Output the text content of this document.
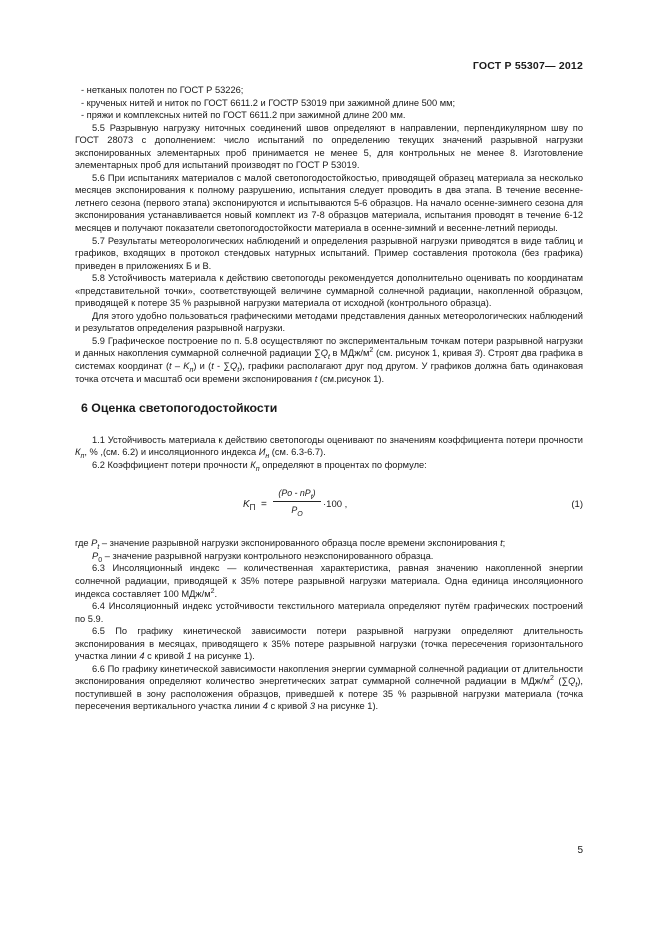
ГОСТ Р 55307— 2012

- нетканых полотен по ГОСТ Р 53226;

- крученых нитей и ниток по ГОСТ 6611.2 и ГОСТР 53019 при зажимной длине 500 мм;

- пряжи и комплексных нитей по ГОСТ 6611.2 при зажимной длине 200 мм.

5.5 Разрывную нагрузку ниточных соединений швов определяют в направлении, перпендикулярном шву по ГОСТ 28073 с дополнением: число испытаний по определению текущих значений разрывной нагрузки экспонированных элементарных проб принимается не менее 5, для контрольных не менее 8. Изготовление элементарных проб для испытаний производят по ГОСТ Р 53019.

5.6 При испытаниях материалов с малой светопогодостойкостью, приводящей образец материала за несколько месяцев экспонирования к полному разрушению, испытания следует проводить в два этапа. В течение весенне-летнего сезона (первого этапа) экспонируются и испытываются 5-6 образцов. На начало осенне-зимнего сезона для экспонирования устанавливается новый комплект из 7-8 образцов материала, испытания проводят в течение 6-12 месяцев и получают показатели светопогодостойкости материала в осенне-зимний и весенне-летний периоды.

5.7 Результаты метеорологических наблюдений и определения разрывной нагрузки приводятся в виде таблиц и графиков, входящих в протокол стендовых натурных испытаний. Пример составления протокола (без графика) приведен в приложениях Б и В.

5.8 Устойчивость материала к действию светопогоды рекомендуется дополнительно оценивать по координатам «представительной точки», соответствующей величине суммарной солнечной радиации, накопленной образцом, приводящей к потере 35 % разрывной нагрузки материала от исходной (контрольного образца).

Для этого удобно пользоваться графическими методами представления данных метеорологических наблюдений и результатов определения разрывной нагрузки.

5.9 Графическое построение по п. 5.8 осуществляют по экспериментальным точкам потери разрывной нагрузки и данных накопления суммарной солнечной радиации $\sum Q_t$ в МДж/$м^2$ (см. рисунок 1, кривая 3). Строят два графика в системах координат $(t - K_п)$ и $(t - \sum Q_t)$, графики располагают друг под другом. У графиков должна бать одинаковая точка отсчета и масштаб оси времени экспонирования t (см.рисунок 1).

6 Оценка светопогодостойкости

1.1 Устойчивость материала к действию светопогоды оценивают по значениям коэффициента потери прочности $К_п$, % ,(см. 6.2) и инсоляционного индекса $И_н$ (см. 6.3-6.7).

6.2 Коэффициент потери прочности $К_п$ определяют в процентах по формуле:

$K_П$ =
$(Po - nP_t)$
$P_O$
·100 ,	(1)

где $P_t$ – значение разрывной нагрузки экспонированного образца после времени экспонирования t;

$P_0$ – значение разрывной нагрузки контрольного неэкспонированного образца.

6.3 Инсоляционный индекс — количественная характеристика, равная значению накопленной энергии солнечной радиации, приводящей к 35% потере разрывной нагрузки материала. Одна единица инсоляционного индекса составляет 100 МДж/$м^2$.

6.4 Инсоляционный индекс устойчивости текстильного материала определяют путём графических построений по 5.9.

6.5 По графику кинетической зависимости потери разрывной нагрузки определяют длительность экспонирования в месяцах, приводящего к 35% потере разрывной нагрузки (точка пересечения горизонтального участка линии 4 с кривой 1 на рисунке 1).

6.6 По графику кинетической зависимости накопления энергии суммарной солнечной радиации от длительности экспонирования определяют количество энергетических затрат суммарной солнечной радиации в МДж/$м^2$ $(\sum Q_t)$, поступившей в зону расположения образцов, приведшей к потере 35 % разрывной нагрузки материала (точка пересечения вертикального участка линии 4 с кривой 3 на рисунке 1).

5
